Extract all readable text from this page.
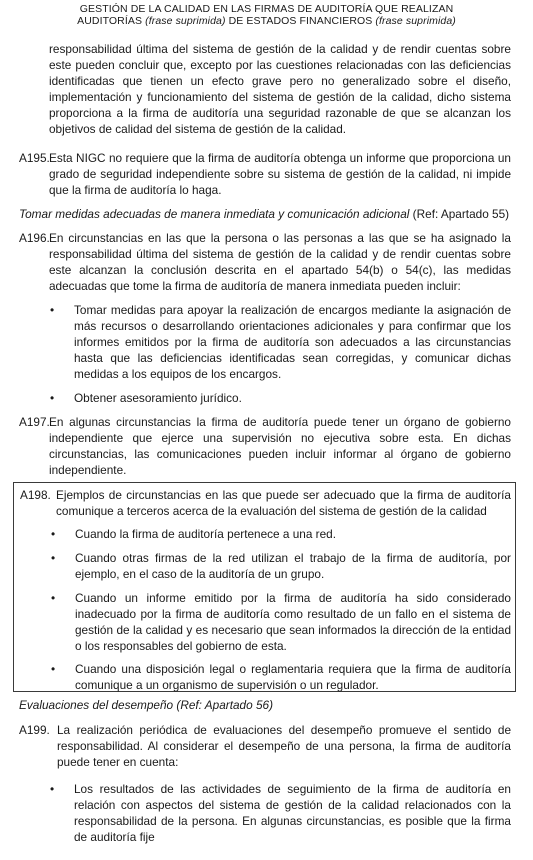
GESTIÓN DE LA CALIDAD EN LAS FIRMAS DE AUDITORÍA QUE REALIZAN
AUDITORÍAS (frase suprimida) DE ESTADOS FINANCIEROS (frase suprimida)
responsabilidad última del sistema de gestión de la calidad y de rendir cuentas sobre este pueden concluir que, excepto por las cuestiones relacionadas con las deficiencias identificadas que tienen un efecto grave pero no generalizado sobre el diseño, implementación y funcionamiento del sistema de gestión de la calidad, dicho sistema proporciona a la firma de auditoría una seguridad razonable de que se alcanzan los objetivos de calidad del sistema de gestión de la calidad.
A195. Esta NIGC no requiere que la firma de auditoría obtenga un informe que proporciona un grado de seguridad independiente sobre su sistema de gestión de la calidad, ni impide que la firma de auditoría lo haga.
Tomar medidas adecuadas de manera inmediata y comunicación adicional (Ref: Apartado 55)
A196. En circunstancias en las que la persona o las personas a las que se ha asignado la responsabilidad última del sistema de gestión de la calidad y de rendir cuentas sobre este alcanzan la conclusión descrita en el apartado 54(b) o 54(c), las medidas adecuadas que tome la firma de auditoría de manera inmediata pueden incluir:
• Tomar medidas para apoyar la realización de encargos mediante la asignación de más recursos o desarrollando orientaciones adicionales y para confirmar que los informes emitidos por la firma de auditoría son adecuados a las circunstancias hasta que las deficiencias identificadas sean corregidas, y comunicar dichas medidas a los equipos de los encargos.
• Obtener asesoramiento jurídico.
A197. En algunas circunstancias la firma de auditoría puede tener un órgano de gobierno independiente que ejerce una supervisión no ejecutiva sobre esta. En dichas circunstancias, las comunicaciones pueden incluir informar al órgano de gobierno independiente.
A198. Ejemplos de circunstancias en las que puede ser adecuado que la firma de auditoría comunique a terceros acerca de la evaluación del sistema de gestión de la calidad
• Cuando la firma de auditoría pertenece a una red.
• Cuando otras firmas de la red utilizan el trabajo de la firma de auditoría, por ejemplo, en el caso de la auditoría de un grupo.
• Cuando un informe emitido por la firma de auditoría ha sido considerado inadecuado por la firma de auditoría como resultado de un fallo en el sistema de gestión de la calidad y es necesario que sean informados la dirección de la entidad o los responsables del gobierno de esta.
• Cuando una disposición legal o reglamentaria requiera que la firma de auditoría comunique a un organismo de supervisión o un regulador.
Evaluaciones del desempeño (Ref: Apartado 56)
A199. La realización periódica de evaluaciones del desempeño promueve el sentido de responsabilidad. Al considerar el desempeño de una persona, la firma de auditoría puede tener en cuenta:
• Los resultados de las actividades de seguimiento de la firma de auditoría en relación con aspectos del sistema de gestión de la calidad relacionados con la responsabilidad de la persona. En algunas circunstancias, es posible que la firma de auditoría fije
